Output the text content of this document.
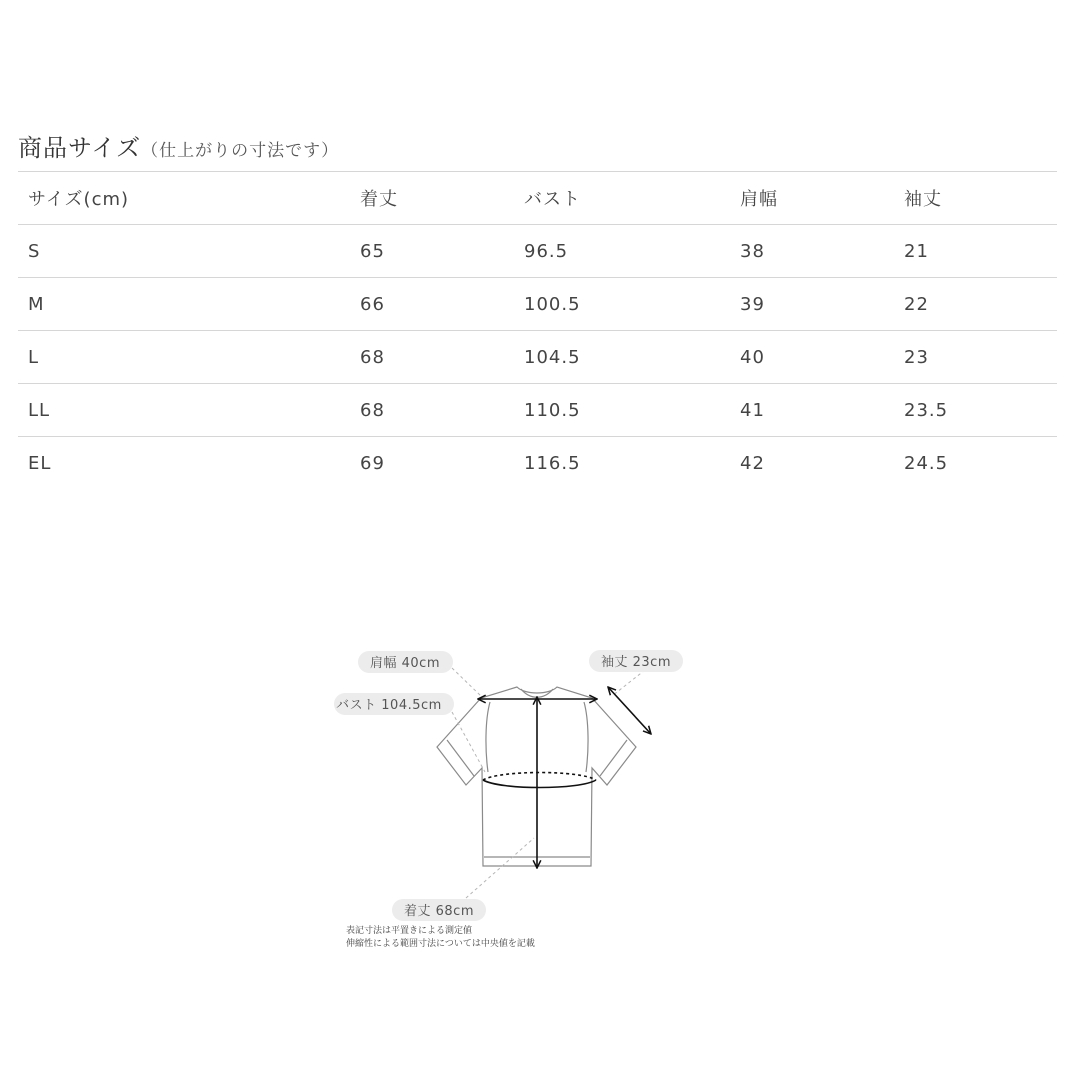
商品サイズ（仕上がりの寸法です）
サイズ(cm)	着丈	バスト	肩幅	袖丈
S	65	96.5	38	21
M	66	100.5	39	22
L	68	104.5	40	23
LL	68	110.5	41	23.5
EL	69	116.5	42	24.5
肩幅 40cm	袖丈 23cm
バスト 104.5cm
着丈 68cm
表記寸法は平置きによる測定値
伸縮性による範囲寸法については中央値を記載
